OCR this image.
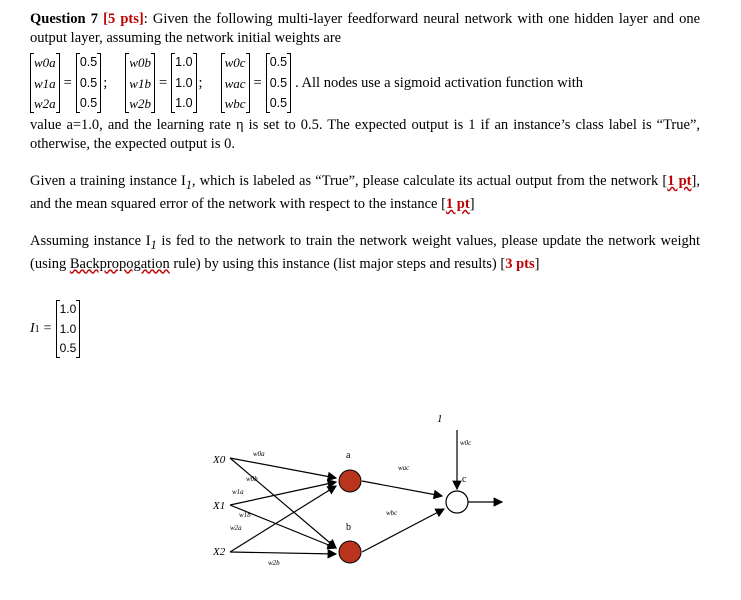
Question 7 [5 pts]: Given the following multi-layer feedforward neural network with one hidden layer and one output layer, assuming the network initial weights are

w0a
w1a
w2a
=
0.5
0.5
0.5
;
w0b
w1b
w2b
=
1.0
1.0
1.0
;
w0c
wac
wbc
=
0.5
0.5
0.5
. All nodes use a sigmoid activation function with

value a=1.0, and the learning rate η is set to 0.5. The expected output is 1 if an instance’s class label is “True”, otherwise, the expected output is 0.

Given a training instance $I_1$, which is labeled as “True”, please calculate its actual output from the network [1 pt], and the mean squared error of the network with respect to the instance [1 pt]

Assuming instance $I_1$ is fed to the network to train the network weight values, please update the network weight (using Backpropogation rule) by using this instance (list major steps and results) [3 pts]

I 1 =
1.0
1.0
0.5
X0
X1
X2
a
b
1
c
w0a
w0b
w1a
w1b
w2a
w2b
wac
wbc
w0c
